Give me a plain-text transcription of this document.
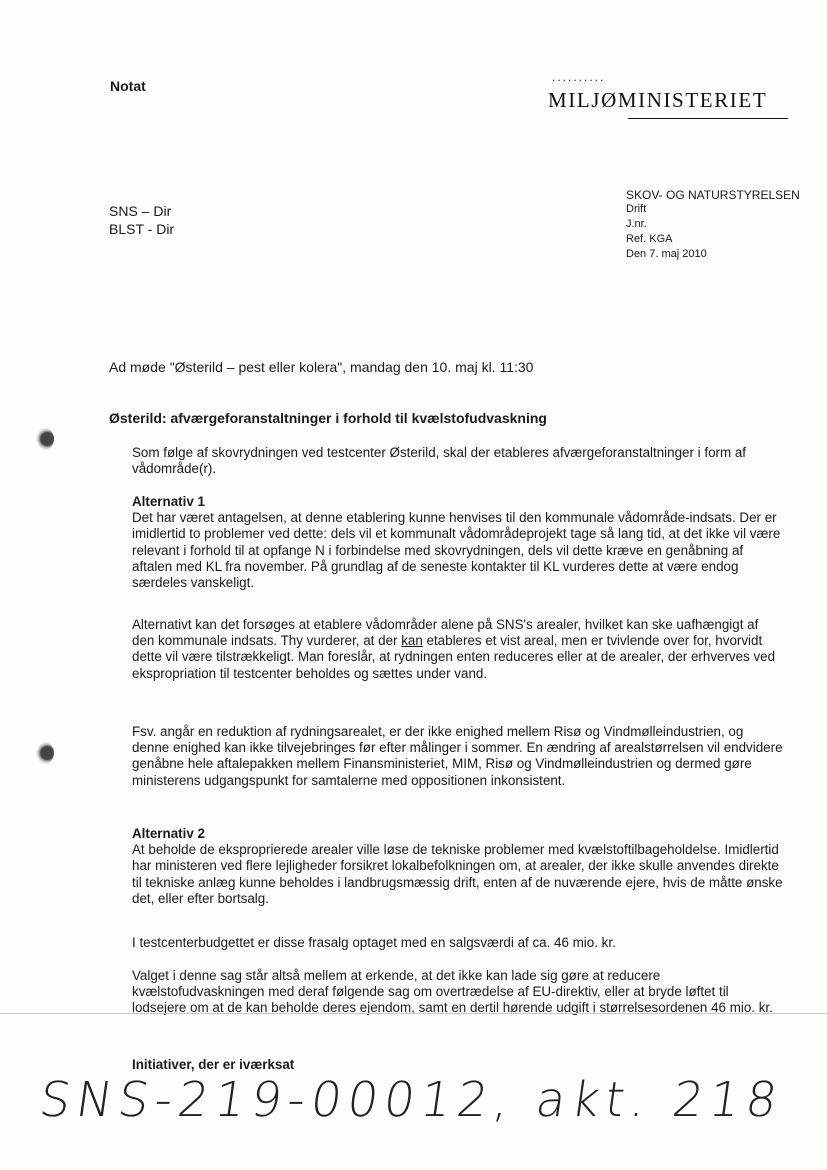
Notat
..........
MILJØMINISTERIET
SNS – Dir
BLST - Dir
SKOV- OG NATURSTYRELSEN
Drift
J.nr.
Ref. KGA
Den 7. maj 2010
Ad møde "Østerild – pest eller kolera", mandag den 10. maj kl. 11:30
Østerild: afværgeforanstaltninger i forhold til kvælstofudvaskning

Som følge af skovrydningen ved testcenter Østerild, skal der etableres afværgeforanstaltninger i form af vådområde(r).

Alternativ 1

Det har været antagelsen, at denne etablering kunne henvises til den kommunale vådområde-indsats. Der er imidlertid to problemer ved dette: dels vil et kommunalt vådområdeprojekt tage så lang tid, at det ikke vil være relevant i forhold til at opfange N i forbindelse med skovrydningen, dels vil dette kræve en genåbning af aftalen med KL fra november. På grundlag af de seneste kontakter til KL vurderes dette at være endog særdeles vanskeligt.

Alternativt kan det forsøges at etablere vådområder alene på SNS's arealer, hvilket kan ske uafhængigt af den kommunale indsats. Thy vurderer, at der kan etableres et vist areal, men er tvivlende over for, hvorvidt dette vil være tilstrækkeligt. Man foreslår, at rydningen enten reduceres eller at de arealer, der erhverves ved ekspropriation til testcenter beholdes og sættes under vand.

Fsv. angår en reduktion af rydningsarealet, er der ikke enighed mellem Risø og Vindmølleindustrien, og denne enighed kan ikke tilvejebringes før efter målinger i sommer. En ændring af arealstørrelsen vil endvidere genåbne hele aftalepakken mellem Finansministeriet, MIM, Risø og Vindmølleindustrien og dermed gøre ministerens udgangspunkt for samtalerne med oppositionen inkonsistent.

Alternativ 2

At beholde de eksproprierede arealer ville løse de tekniske problemer med kvælstoftilbageholdelse. Imidlertid har ministeren ved flere lejligheder forsikret lokalbefolkningen om, at arealer, der ikke skulle anvendes direkte til tekniske anlæg kunne beholdes i landbrugsmæssig drift, enten af de nuværende ejere, hvis de måtte ønske det, eller efter bortsalg.

I testcenterbudgettet er disse frasalg optaget med en salgsværdi af ca. 46 mio. kr.

Valget i denne sag står altså mellem at erkende, at det ikke kan lade sig gøre at reducere kvælstofudvaskningen med deraf følgende sag om overtrædelse af EU-direktiv, eller at bryde løftet til lodsejere om at de kan beholde deres ejendom, samt en dertil hørende udgift i størrelsesordenen 46 mio. kr.

Initiativer, der er iværksat
SNS-219-00012, akt. 218
